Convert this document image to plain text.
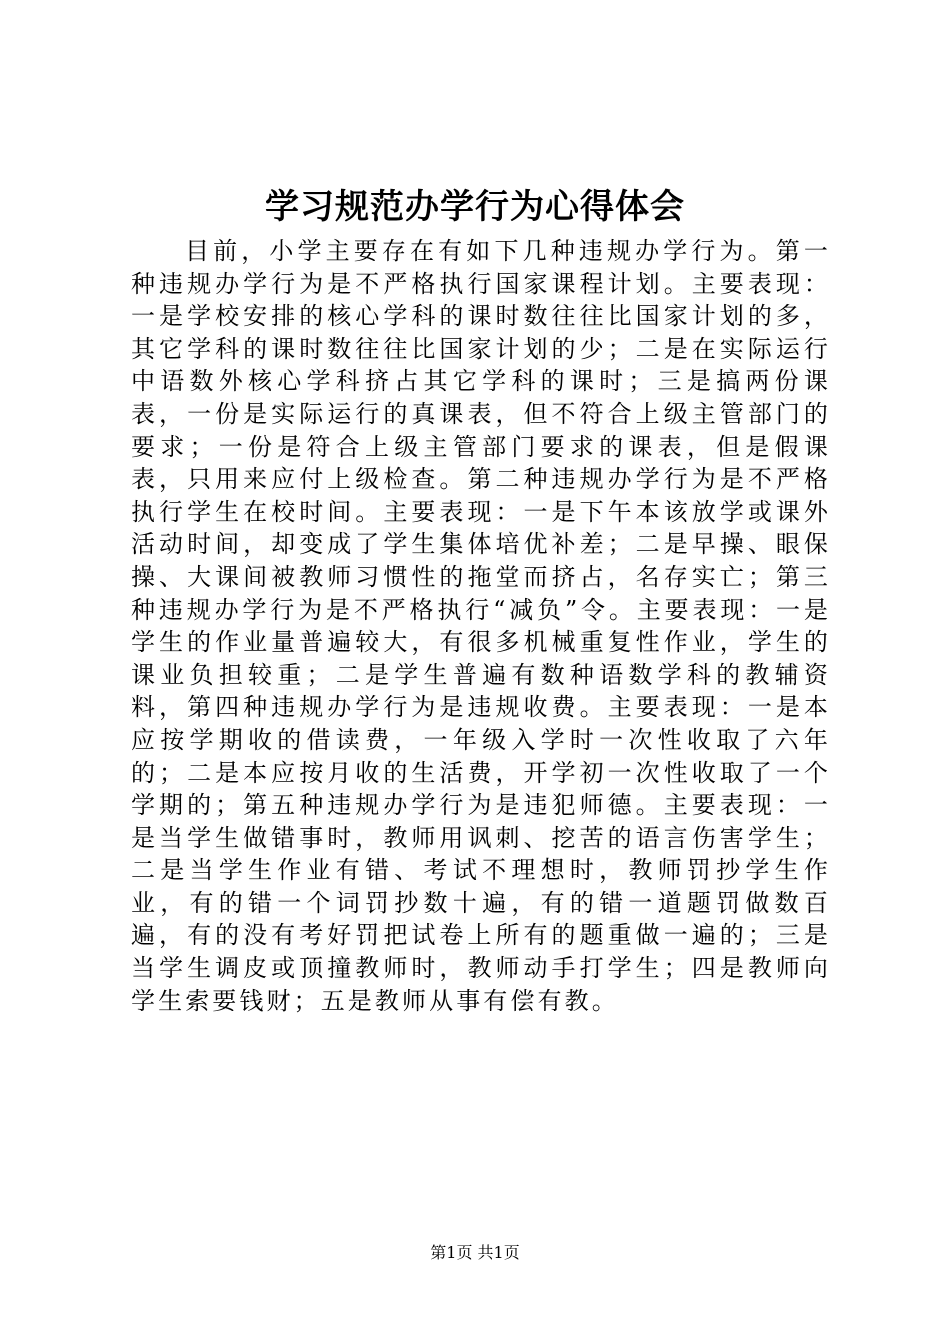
学习规范办学行为心得体会

目前，小学主要存在有如下几种违规办学行为。第一种违规办学行为是不严格执行国家课程计划。主要表现：一是学校安排的核心学科的课时数往往比国家计划的多，其它学科的课时数往往比国家计划的少；二是在实际运行中语数外核心学科挤占其它学科的课时；三是搞两份课表，一份是实际运行的真课表，但不符合上级主管部门的要求；一份是符合上级主管部门要求的课表，但是假课表，只用来应付上级检查。第二种违规办学行为是不严格执行学生在校时间。主要表现：一是下午本该放学或课外活动时间，却变成了学生集体培优补差；二是早操、眼保操、大课间被教师习惯性的拖堂而挤占，名存实亡；第三种违规办学行为是不严格执行“减负”令。主要表现：一是学生的作业量普遍较大，有很多机械重复性作业，学生的课业负担较重；二是学生普遍有数种语数学科的教辅资料，第四种违规办学行为是违规收费。主要表现：一是本应按学期收的借读费，一年级入学时一次性收取了六年的；二是本应按月收的生活费，开学初一次性收取了一个学期的；第五种违规办学行为是违犯师德。主要表现：一是当学生做错事时，教师用讽刺、挖苦的语言伤害学生；二是当学生作业有错、考试不理想时，教师罚抄学生作业，有的错一个词罚抄数十遍，有的错一道题罚做数百遍，有的没有考好罚把试卷上所有的题重做一遍的；三是当学生调皮或顶撞教师时，教师动手打学生；四是教师向学生索要钱财；五是教师从事有偿有教。

第1页 共1页
